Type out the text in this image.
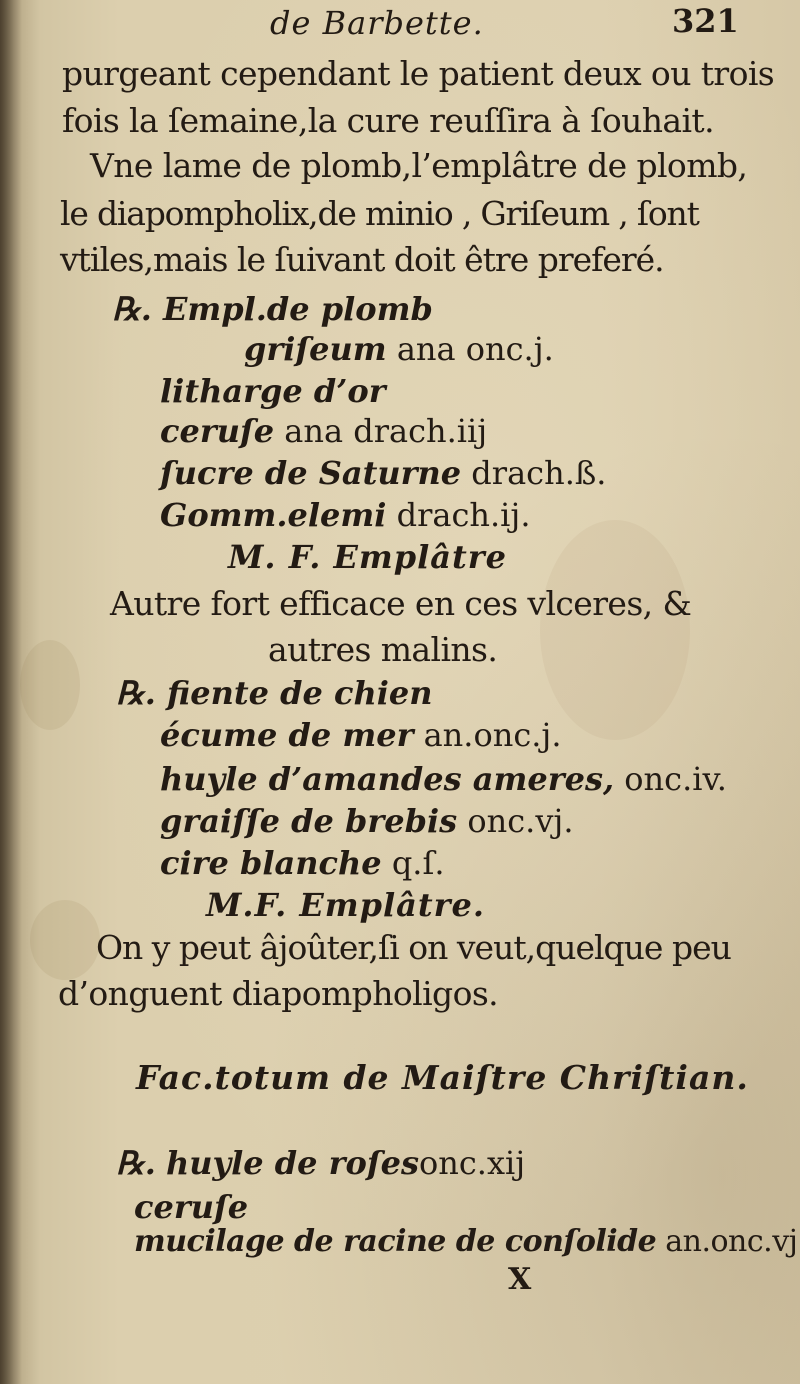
de Barbette.	321
purgeant cependant le patient deux ou trois
fois la ſemaine,la cure reuſſira à ſouhait.
Vne lame de plomb,l’emplâtre de plomb,
le diapompholix,de minio , Griſeum , ſont
vtiles,mais le ſuivant doit être preferé.
℞. Empl.de plomb
griſeum ana onc.j.
litharge d’or
ceruſe ana drach.iij
ſucre de Saturne drach.ß.
Gomm.elemi drach.ij.
M. F. Emplâtre
Autre fort efficace en ces vlceres, &
autres malins.
℞. fiente de chien
écume de mer an.onc.j.
huyle d’amandes ameres, onc.iv.
graiſſe de brebis onc.vj.
cire blanche q.ſ.
M.F. Emplâtre.
On y peut âjoûter,ſi on veut,quelque peu
d’onguent diapompholigos.
Fac.totum de Maiſtre Chriſtian.
℞. huyle de roſesonc.xij
ceruſe
mucilage de racine de conſolide an.onc.vj
X
